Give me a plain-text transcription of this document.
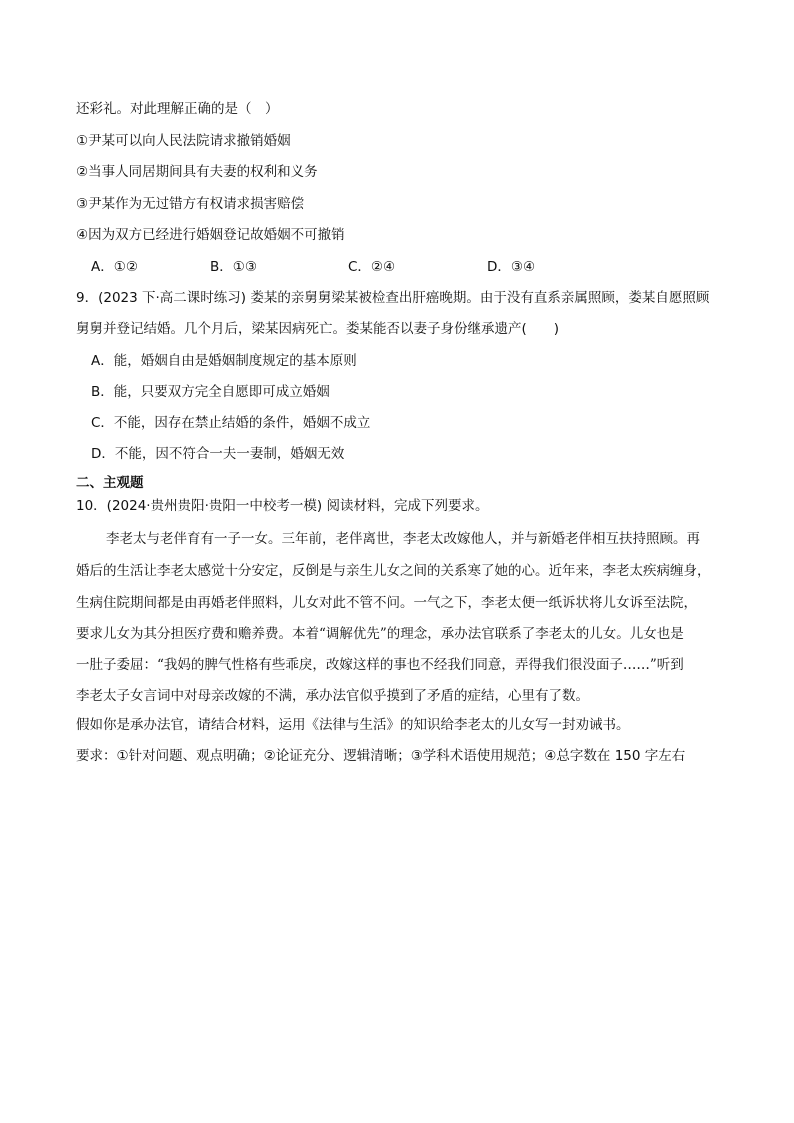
还彩礼。对此理解正确的是（　）
①尹某可以向人民法院请求撤销婚姻
②当事人同居期间具有夫妻的权利和义务
③尹某作为无过错方有权请求损害赔偿
④因为双方已经进行婚姻登记故婚姻不可撤销
A．①②	B．①③	C．②④	D．③④
9．(2023 下·高二课时练习) 娄某的亲舅舅梁某被检查出肝癌晚期。由于没有直系亲属照顾，娄某自愿照顾
舅舅并登记结婚。几个月后，梁某因病死亡。娄某能否以妻子身份继承遗产(　　)
A．能，婚姻自由是婚姻制度规定的基本原则
B．能，只要双方完全自愿即可成立婚姻
C．不能，因存在禁止结婚的条件，婚姻不成立
D．不能，因不符合一夫一妻制，婚姻无效
二、主观题
10．(2024·贵州贵阳·贵阳一中校考一模) 阅读材料，完成下列要求。
李老太与老伴育有一子一女。三年前，老伴离世，李老太改嫁他人，并与新婚老伴相互扶持照顾。再
婚后的生活让李老太感觉十分安定，反倒是与亲生儿女之间的关系寒了她的心。近年来，李老太疾病缠身，
生病住院期间都是由再婚老伴照料，儿女对此不管不问。一气之下，李老太便一纸诉状将儿女诉至法院，
要求儿女为其分担医疗费和赡养费。本着“调解优先”的理念，承办法官联系了李老太的儿女。儿女也是
一肚子委屈：“我妈的脾气性格有些乖戾，改嫁这样的事也不经我们同意，弄得我们很没面子……”听到
李老太子女言词中对母亲改嫁的不满，承办法官似乎摸到了矛盾的症结，心里有了数。
假如你是承办法官，请结合材料，运用《法律与生活》的知识给李老太的儿女写一封劝诫书。
要求：①针对问题、观点明确；②论证充分、逻辑清晰；③学科术语使用规范；④总字数在 150 字左右
